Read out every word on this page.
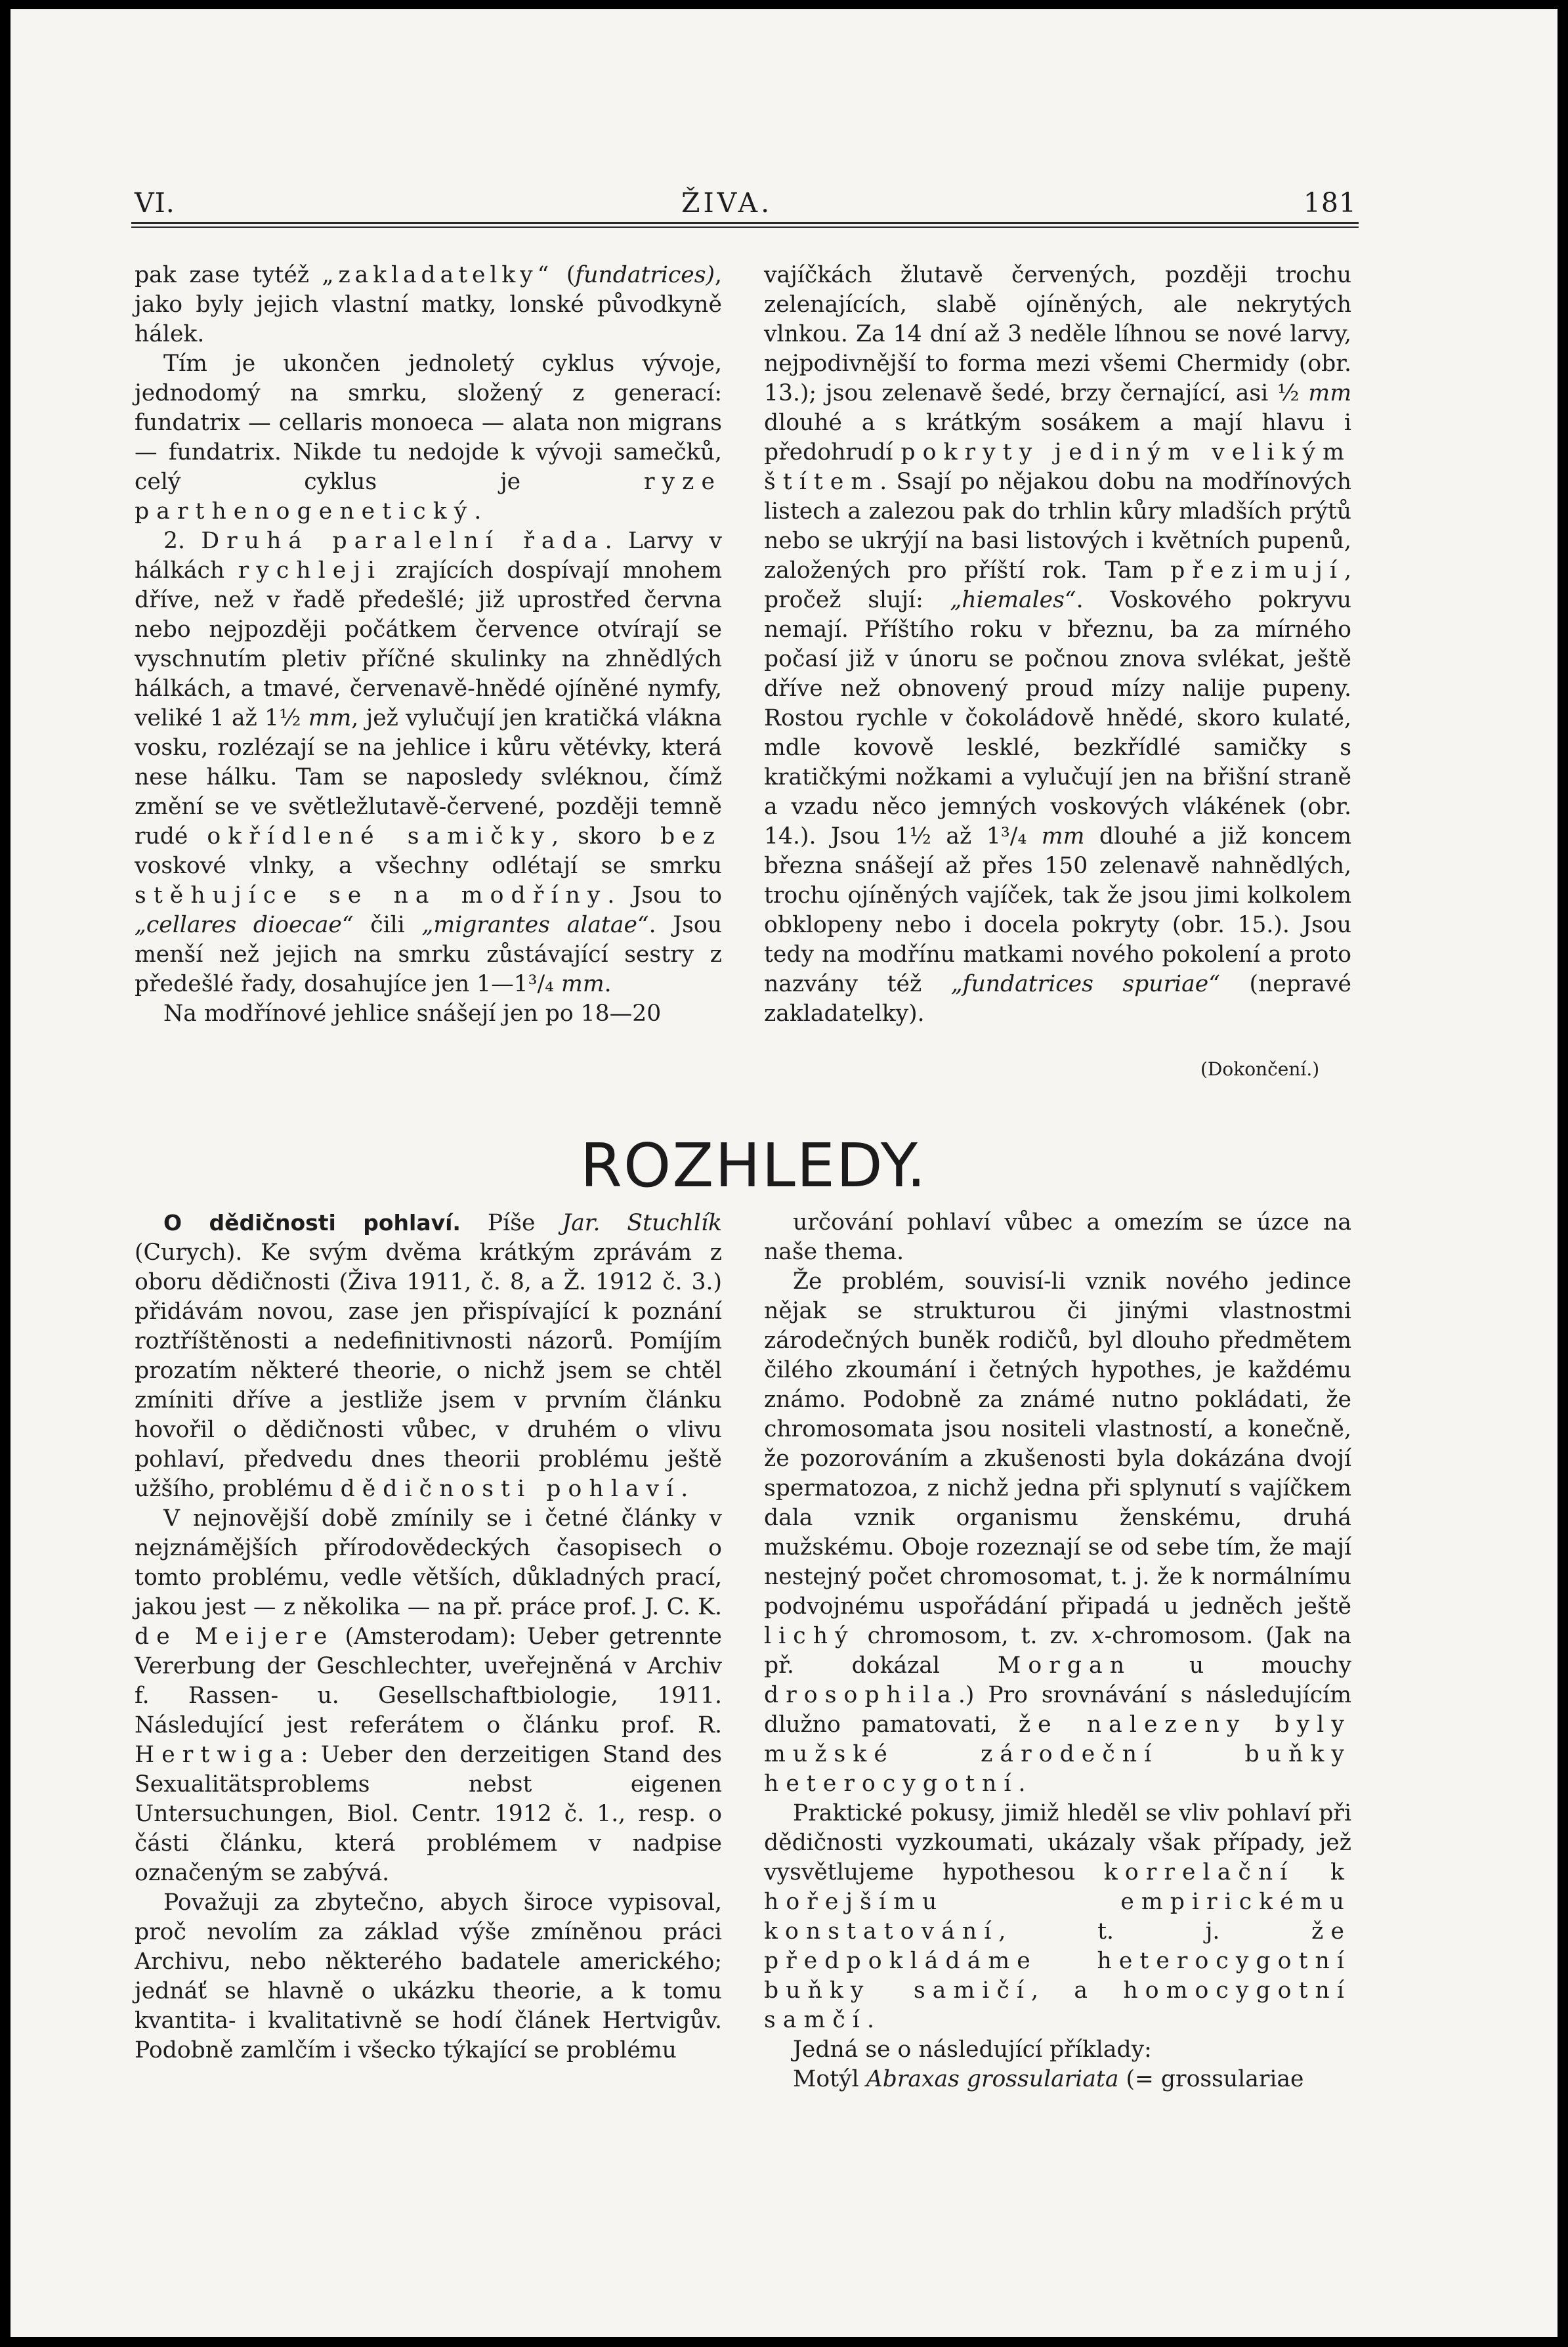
VI.	ŽIVA.	181

pak zase tytéž „zakladatelky“ (fundatrices), jako byly jejich vlastní matky, lonské původkyně hálek.

Tím je ukončen jednoletý cyklus vývoje, jednodomý na smrku, složený z generací: fundatrix — cellaris monoeca — alata non migrans — fundatrix. Nikde tu nedojde k vývoji samečků, celý cyklus je ryze parthenogenetický.

2. Druhá paralelní řada. Larvy v hálkách rychleji zrajících dospívají mnohem dříve, než v řadě předešlé; již uprostřed června nebo nejpozději počátkem července otvírají se vyschnutím pletiv příčné skulinky na zhnědlých hálkách, a tmavé, červenavě-hnědé ojíněné nymfy, veliké 1 až 1½ mm, jež vylučují jen kratičká vlákna vosku, rozlézají se na jehlice i kůru větévky, která nese hálku. Tam se naposledy svléknou, čímž změní se ve světležlutavě-červené, později temně rudé okřídlené samičky, skoro bez voskové vlnky, a všechny odlétají se smrku stěhujíce se na modříny. Jsou to „cellares dioecae“ čili „migrantes alatae“. Jsou menší než jejich na smrku zůstávající sestry z předešlé řady, dosahujíce jen 1—1³/₄ mm.

Na modřínové jehlice snášejí jen po 18—20

vajíčkách žlutavě červených, později trochu zelenajících, slabě ojíněných, ale nekrytých vlnkou. Za 14 dní až 3 neděle líhnou se nové larvy, nejpodivnější to forma mezi všemi Chermidy (obr. 13.); jsou zelenavě šedé, brzy černající, asi ½ mm dlouhé a s krátkým sosákem a mají hlavu i předohrudí pokryty jediným velikým štítem. Ssají po nějakou dobu na modřínových listech a zalezou pak do trhlin kůry mladších prýtů nebo se ukrýjí na basi listových i květních pupenů, založených pro příští rok. Tam přezimují, pročež slují: „hiemales“. Voskového pokryvu nemají. Příštího roku v březnu, ba za mírného počasí již v únoru se počnou znova svlékat, ještě dříve než obnovený proud mízy nalije pupeny. Rostou rychle v čokoládově hnědé, skoro kulaté, mdle kovově lesklé, bezkřídlé samičky s kratičkými nožkami a vylučují jen na břišní straně a vzadu něco jemných voskových vlákének (obr. 14.). Jsou 1½ až 1³/₄ mm dlouhé a již koncem března snášejí až přes 150 zelenavě nahnědlých, trochu ojíněných vajíček, tak že jsou jimi kolkolem obklopeny nebo i docela pokryty (obr. 15.). Jsou tedy na modřínu matkami nového pokolení a proto nazvány též „fundatrices spuriae“ (nepravé zakladatelky).

(Dokončení.)
ROZHLEDY.

O dědičnosti pohlaví. Píše Jar. Stuchlík (Curych). Ke svým dvěma krátkým zprávám z oboru dědičnosti (Živa 1911, č. 8, a Ž. 1912 č. 3.) přidávám novou, zase jen přispívající k poznání roztříštěnosti a nedefinitivnosti názorů. Pomíjím prozatím některé theorie, o nichž jsem se chtěl zmíniti dříve a jestliže jsem v prvním článku hovořil o dědičnosti vůbec, v druhém o vlivu pohlaví, předvedu dnes theorii problému ještě užšího, problému dědičnosti pohlaví.

V nejnovější době zmínily se i četné články v nejznámějších přírodovědeckých časopisech o tomto problému, vedle větších, důkladných prací, jakou jest — z několika — na př. práce prof. J. C. K. de Meijere (Amsterodam): Ueber getrennte Vererbung der Geschlechter, uveřejněná v Archiv f. Rassen- u. Gesellschaftbiologie, 1911. Následující jest referátem o článku prof. R. Hertwiga: Ueber den derzeitigen Stand des Sexualitätsproblems nebst eigenen Untersuchungen, Biol. Centr. 1912 č. 1., resp. o části článku, která problémem v nadpise označeným se zabývá.

Považuji za zbytečno, abych široce vypisoval, proč nevolím za základ výše zmíněnou práci Archivu, nebo některého badatele amerického; jednáť se hlavně o ukázku theorie, a k tomu kvantita- i kvalitativně se hodí článek Hertvigův. Podobně zamlčím i všecko týkající se problému

určování pohlaví vůbec a omezím se úzce na naše thema.

Že problém, souvisí-li vznik nového jedince nějak se strukturou či jinými vlastnostmi zárodečných buněk rodičů, byl dlouho předmětem čilého zkoumání i četných hypothes, je každému známo. Podobně za známé nutno pokládati, že chromosomata jsou nositeli vlastností, a konečně, že pozorováním a zkušenosti byla dokázána dvojí spermatozoa, z nichž jedna při splynutí s vajíčkem dala vznik organismu ženskému, druhá mužskému. Oboje rozeznají se od sebe tím, že mají nestejný počet chromosomat, t. j. že k normálnímu podvojnému uspořádání připadá u jedněch ještě lichý chromosom, t. zv. x-chromosom. (Jak na př. dokázal Morgan u mouchy drosophila.) Pro srovnávání s následujícím dlužno pamatovati, že nalezeny byly mužské zárodeční buňky heterocygotní.

Praktické pokusy, jimiž hleděl se vliv pohlaví při dědičnosti vyzkoumati, ukázaly však případy, jež vysvětlujeme hypothesou korrelační k hořejšímu empirickému konstatování, t. j. že předpokládáme heterocygotní buňky samičí, a homocygotní samčí.

Jedná se o následující příklady:

Motýl Abraxas grossulariata (= grossulariae
